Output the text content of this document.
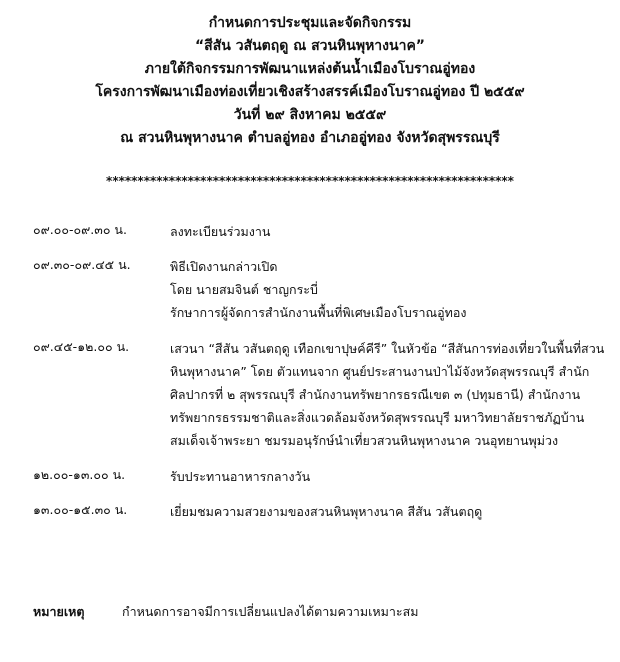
กำหนดการประชุมและจัดกิจกรรม
“สีสัน วสันตฤดู ณ สวนหินพุหางนาค”
ภายใต้กิจกรรมการพัฒนาแหล่งต้นน้ำเมืองโบราณอู่ทอง
โครงการพัฒนาเมืองท่องเที่ยวเชิงสร้างสรรค์เมืองโบราณอู่ทอง ปี ๒๕๕๙
วันที่ ๒๙ สิงหาคม ๒๕๕๙
ณ สวนหินพุหางนาค ตำบลอู่ทอง อำเภออู่ทอง จังหวัดสุพรรณบุรี
*****************************************************************
๐๙.๐๐-๐๙.๓๐ น.	ลงทะเบียนร่วมงาน
๐๙.๓๐-๐๙.๔๕ น.	พิธีเปิดงานกล่าวเปิด
โดย นายสมจินต์ ชาญกระบี่
รักษาการผู้จัดการสำนักงานพื้นที่พิเศษเมืองโบราณอู่ทอง
๐๙.๔๕-๑๒.๐๐ น.	เสวนา “สีสัน วสันตฤดู เทือกเขาปุษค์คีรี” ในหัวข้อ “สีสันการท่องเที่ยวในพื้นที่สวน
หินพุหางนาค” โดย ตัวแทนจาก ศูนย์ประสานงานป่าไม้จังหวัดสุพรรณบุรี สำนัก
ศิลปากรที่ ๒ สุพรรณบุรี สำนักงานทรัพยากรธรณีเขต ๓ (ปทุมธานี) สำนักงาน
ทรัพยากรธรรมชาติและสิ่งแวดล้อมจังหวัดสุพรรณบุรี มหาวิทยาลัยราชภัฏบ้าน
สมเด็จเจ้าพระยา ชมรมอนุรักษ์นำเที่ยวสวนหินพุหางนาค วนอุทยานพุม่วง
๑๒.๐๐-๑๓.๐๐ น.	รับประทานอาหารกลางวัน
๑๓.๐๐-๑๕.๓๐ น.	เยี่ยมชมความสวยงามของสวนหินพุหางนาค สีสัน วสันตฤดู
หมายเหตุ	กำหนดการอาจมีการเปลี่ยนแปลงได้ตามความเหมาะสม
